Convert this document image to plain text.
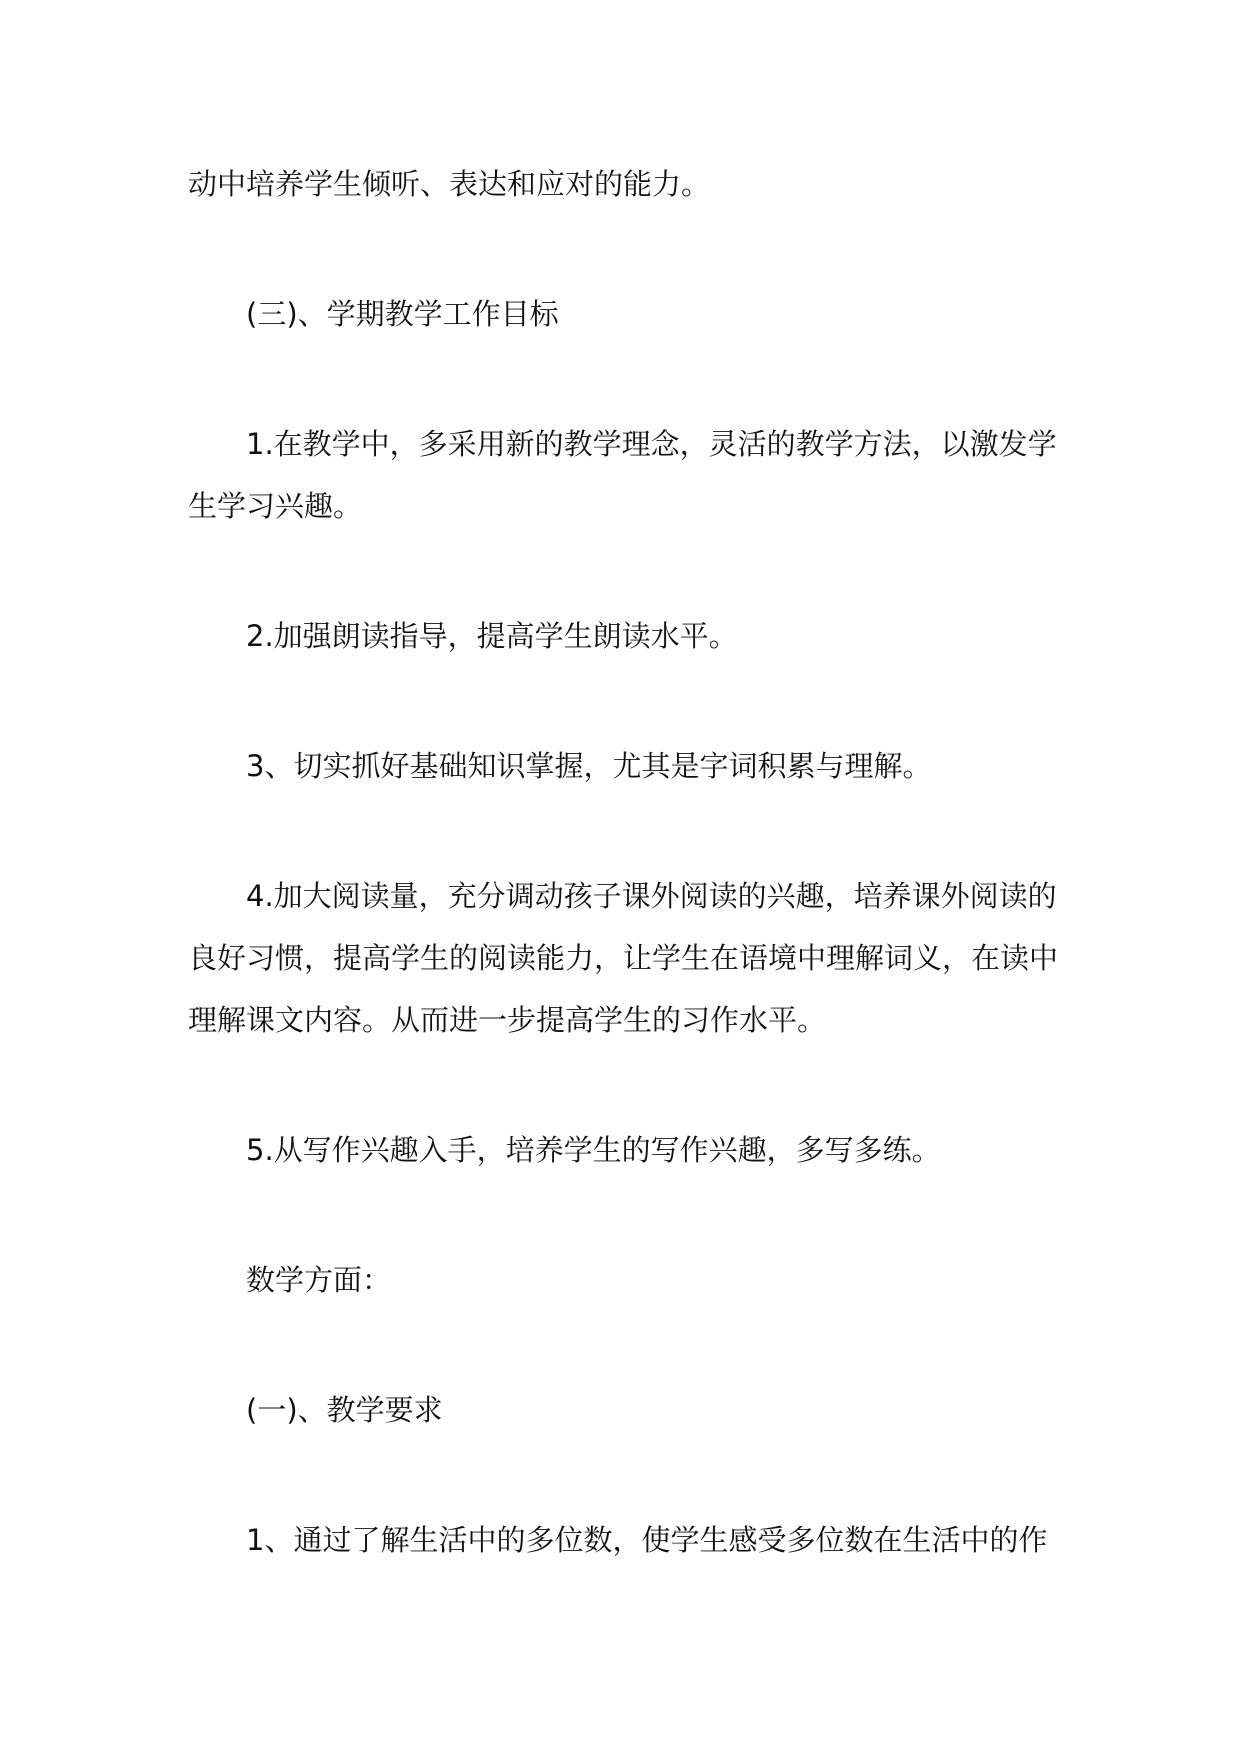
动中培养学生倾听、表达和应对的能力。
(三)、学期教学工作目标
1.在教学中，多采用新的教学理念，灵活的教学方法，以激发学
生学习兴趣。
2.加强朗读指导，提高学生朗读水平。
3、切实抓好基础知识掌握，尤其是字词积累与理解。
4.加大阅读量，充分调动孩子课外阅读的兴趣，培养课外阅读的
良好习惯，提高学生的阅读能力，让学生在语境中理解词义，在读中
理解课文内容。从而进一步提高学生的习作水平。
5.从写作兴趣入手，培养学生的写作兴趣，多写多练。
数学方面：
(一)、教学要求
1、通过了解生活中的多位数，使学生感受多位数在生活中的作
